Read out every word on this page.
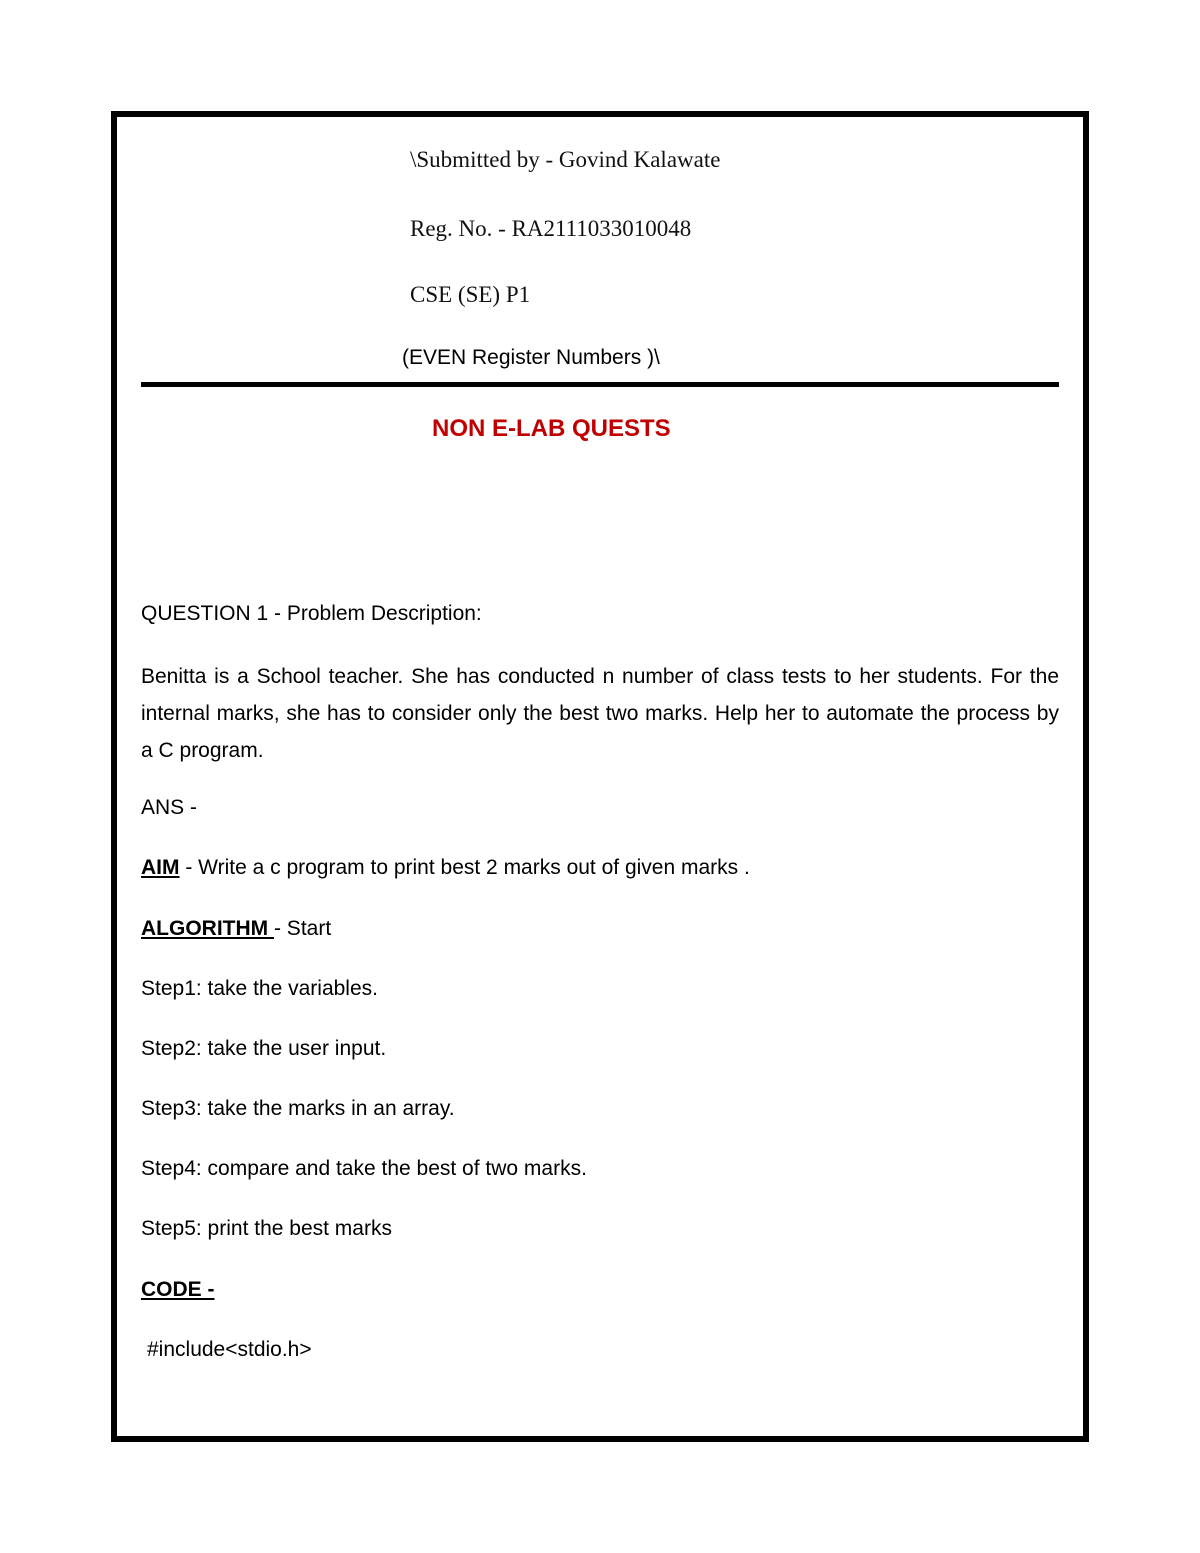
\Submitted by - Govind Kalawate
Reg. No. - RA2111033010048
CSE (SE) P1
(EVEN Register Numbers )\
NON E-LAB QUESTS
QUESTION 1 - Problem Description:
Benitta is a School teacher. She has conducted n number of class tests to her students. For the internal marks, she has to consider only the best two marks. Help her to automate the process by a C program.
ANS -
AIM - Write a c program to print best 2 marks out of given marks .
ALGORITHM - Start
Step1: take the variables.
Step2: take the user input.
Step3: take the marks in an array.
Step4: compare and take the best of two marks.
Step5: print the best marks
CODE -
#include<stdio.h>
